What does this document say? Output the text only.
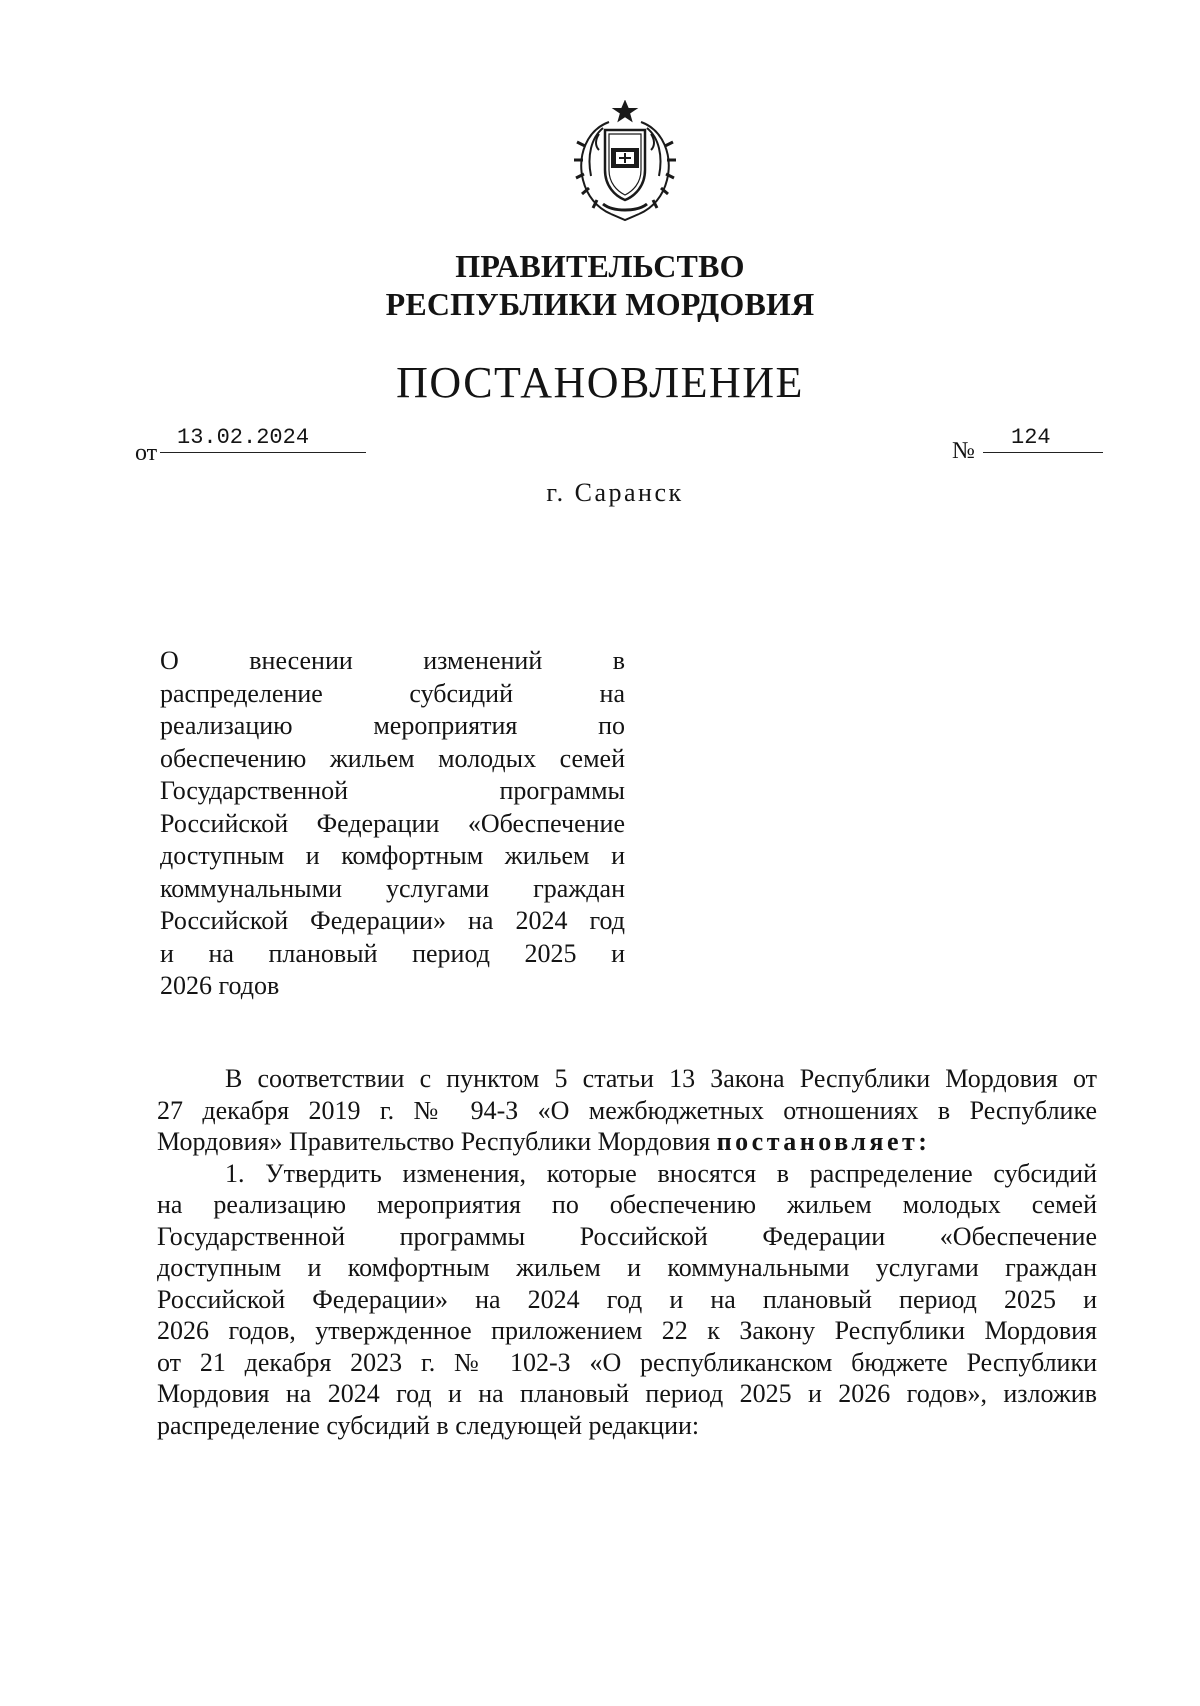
ПРАВИТЕЛЬСТВО
РЕСПУБЛИКИ МОРДОВИЯ
ПОСТАНОВЛЕНИЕ
от
13.02.2024
№
124
г. Саранск
О внесении изменений в
распределение субсидий на
реализацию мероприятия по
обеспечению жильем молодых семей
Государственной программы
Российской Федерации «Обеспечение
доступным и комфортным жильем и
коммунальными услугами граждан
Российской Федерации» на 2024 год
и на плановый период 2025 и
2026 годов
В соответствии с пунктом 5 статьи 13 Закона Республики Мордовия от
27 декабря 2019 г. № 94-З «О межбюджетных отношениях в Республике
Мордовия» Правительство Республики Мордовия постановляет:
1. Утвердить изменения, которые вносятся в распределение субсидий
на реализацию мероприятия по обеспечению жильем молодых семей
Государственной программы Российской Федерации «Обеспечение
доступным и комфортным жильем и коммунальными услугами граждан
Российской Федерации» на 2024 год и на плановый период 2025 и
2026 годов, утвержденное приложением 22 к Закону Республики Мордовия
от 21 декабря 2023 г. № 102-З «О республиканском бюджете Республики
Мордовия на 2024 год и на плановый период 2025 и 2026 годов», изложив
распределение субсидий в следующей редакции:
